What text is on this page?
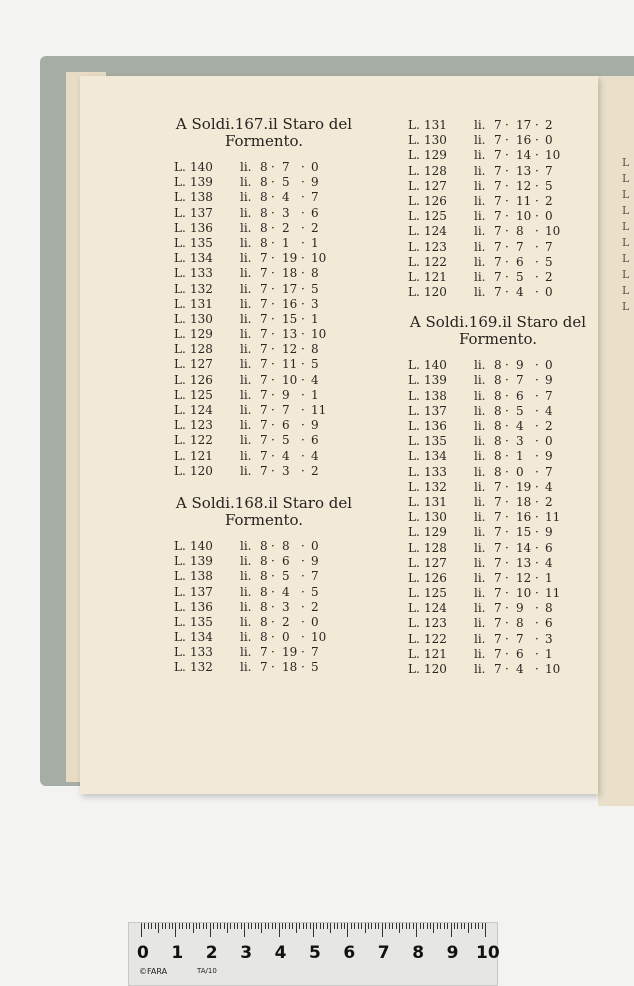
L
L
L
L
L
L
L
L
L
L

A Soldi.167.il Staro del

Formento.

L. 140 li. 8 7 0
· ·
L. 139 li. 8 5 9
· ·
L. 138 li. 8 4 7
· ·
L. 137 li. 8 3 6
· ·
L. 136 li. 8 2 2
· ·
L. 135 li. 8 1 1
· ·
L. 134 li. 7 19 10
· ·
L. 133 li. 7 18 8
· ·
L. 132 li. 7 17 5
· ·
L. 131 li. 7 16 3
· ·
L. 130 li. 7 15 1
· ·
L. 129 li. 7 13 10
· ·
L. 128 li. 7 12 8
· ·
L. 127 li. 7 11 5
· ·
L. 126 li. 7 10 4
· ·
L. 125 li. 7 9 1
· ·
L. 124 li. 7 7 11
· ·
L. 123 li. 7 6 9
· ·
L. 122 li. 7 5 6
· ·
L. 121 li. 7 4 4
· ·
L. 120 li. 7 3 2
· ·

A Soldi.168.il Staro del

Formento.

L. 140 li. 8 8 0
· ·
L. 139 li. 8 6 9
· ·
L. 138 li. 8 5 7
· ·
L. 137 li. 8 4 5
· ·
L. 136 li. 8 3 2
· ·
L. 135 li. 8 2 0
· ·
L. 134 li. 8 0 10
· ·
L. 133 li. 7 19 7
· ·
L. 132 li. 7 18 5
· ·
L. 131 li. 7 17 2
· ·
L. 130 li. 7 16 0
· ·
L. 129 li. 7 14 10
· ·
L. 128 li. 7 13 7
· ·
L. 127 li. 7 12 5
· ·
L. 126 li. 7 11 2
· ·
L. 125 li. 7 10 0
· ·
L. 124 li. 7 8 10
· ·
L. 123 li. 7 7 7
· ·
L. 122 li. 7 6 5
· ·
L. 121 li. 7 5 2
· ·
L. 120 li. 7 4 0
· ·

A Soldi.169.il Staro del

Formento.

L. 140 li. 8 9 0
· ·
L. 139 li. 8 7 9
· ·
L. 138 li. 8 6 7
· ·
L. 137 li. 8 5 4
· ·
L. 136 li. 8 4 2
· ·
L. 135 li. 8 3 0
· ·
L. 134 li. 8 1 9
· ·
L. 133 li. 8 0 7
· ·
L. 132 li. 7 19 4
· ·
L. 131 li. 7 18 2
· ·
L. 130 li. 7 16 11
· ·
L. 129 li. 7 15 9
· ·
L. 128 li. 7 14 6
· ·
L. 127 li. 7 13 4
· ·
L. 126 li. 7 12 1
· ·
L. 125 li. 7 10 11
· ·
L. 124 li. 7 9 8
· ·
L. 123 li. 7 8 6
· ·
L. 122 li. 7 7 3
· ·
L. 121 li. 7 6 1
· ·
L. 120 li. 7 4 10
· ·
0 1 2 3 4 5 6 7 8 9 10
©FARA	TA/10
